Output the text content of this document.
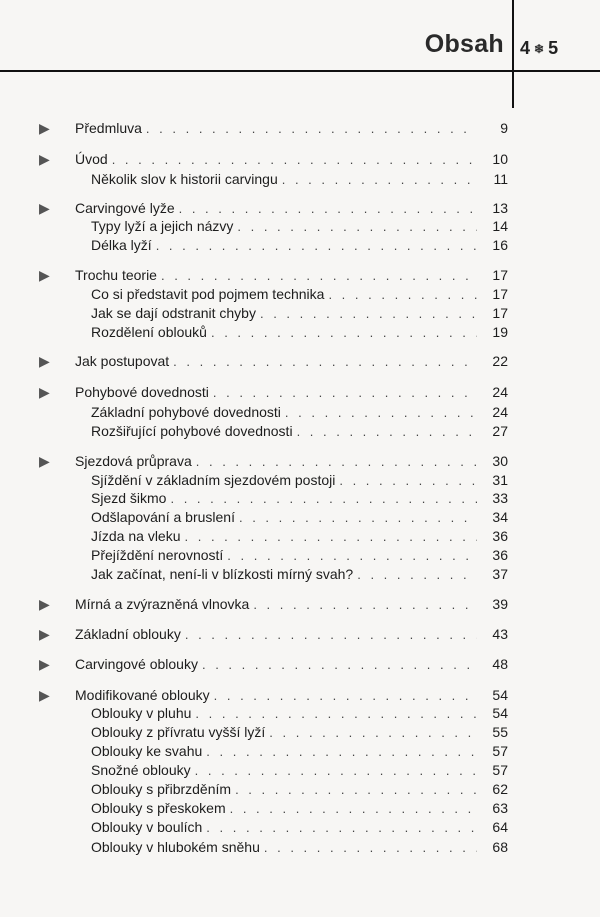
Obsah 4 ❄ 5
▶ Předmluva . . .	9
▶ Úvod . . .	10
Několik slov k historii carvingu . . .	11
▶ Carvingové lyže . . .	13
Typy lyží a jejich názvy . . .	14
Délka lyží . . .	16
▶ Trochu teorie . . .	17
Co si představit pod pojmem technika . . .	17
Jak se dají odstranit chyby . . .	17
Rozdělení oblouků . . .	19
▶ Jak postupovat . . .	22
▶ Pohybové dovednosti . . .	24
Základní pohybové dovednosti . . .	24
Rozšiřující pohybové dovednosti . . .	27
▶ Sjezdová průprava . . .	30
Sjíždění v základním sjezdovém postoji . . .	31
Sjezd šikmo . . .	33
Odšlapování a bruslení . . .	34
Jízda na vleku . . .	36
Přejíždění nerovností . . .	36
Jak začínat, není-li v blízkosti mírný svah? . . .	37
▶ Mírná a zvýrazněná vlnovka . . .	39
▶ Základní oblouky . . .	43
▶ Carvingové oblouky . . .	48
▶ Modifikované oblouky . . .	54
Oblouky v pluhu . . .	54
Oblouky z přívratu vyšší lyží . . .	55
Oblouky ke svahu . . .	57
Snožné oblouky . . .	57
Oblouky s přibrzděním . . .	62
Oblouky s přeskokem . . .	63
Oblouky v boulích . . .	64
Oblouky v hlubokém sněhu . . .	68
